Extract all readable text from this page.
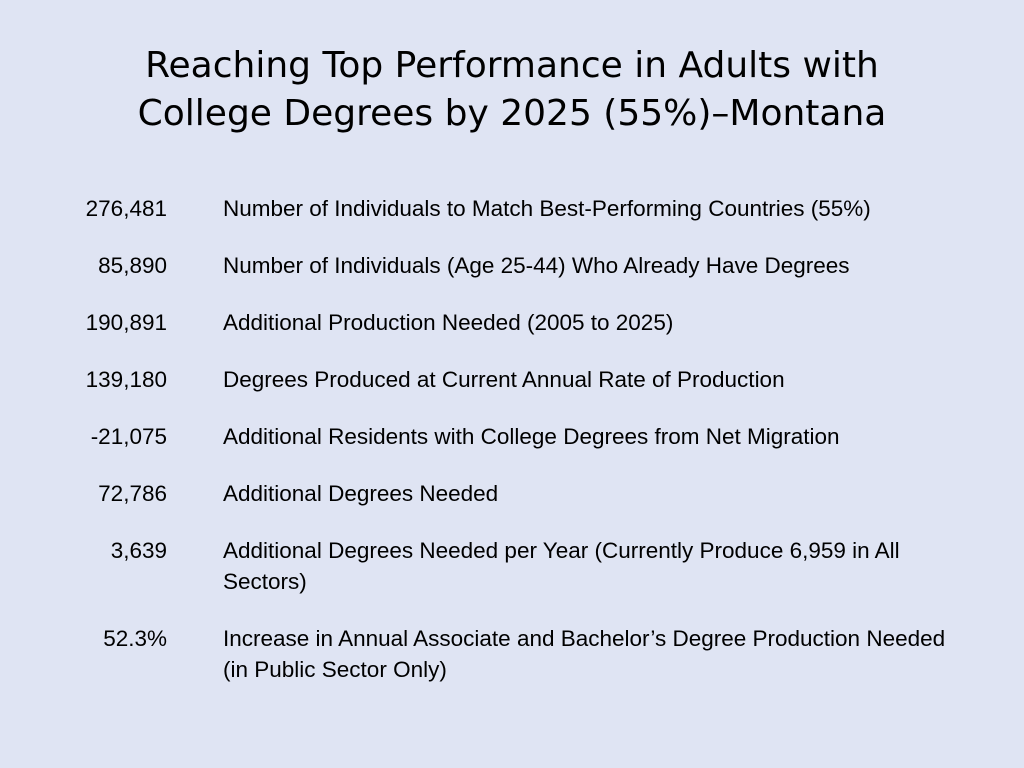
Reaching Top Performance in Adults with
College Degrees by 2025 (55%)–Montana
276,481 Number of Individuals to Match Best-Performing Countries (55%)
85,890 Number of Individuals (Age 25-44) Who Already Have Degrees
190,891 Additional Production Needed (2005 to 2025)
139,180 Degrees Produced at Current Annual Rate of Production
-21,075 Additional Residents with College Degrees from Net Migration
72,786 Additional Degrees Needed
3,639 Additional Degrees Needed per Year (Currently Produce 6,959 in All Sectors)
52.3% Increase in Annual Associate and Bachelor’s Degree Production Needed (in Public Sector Only)
